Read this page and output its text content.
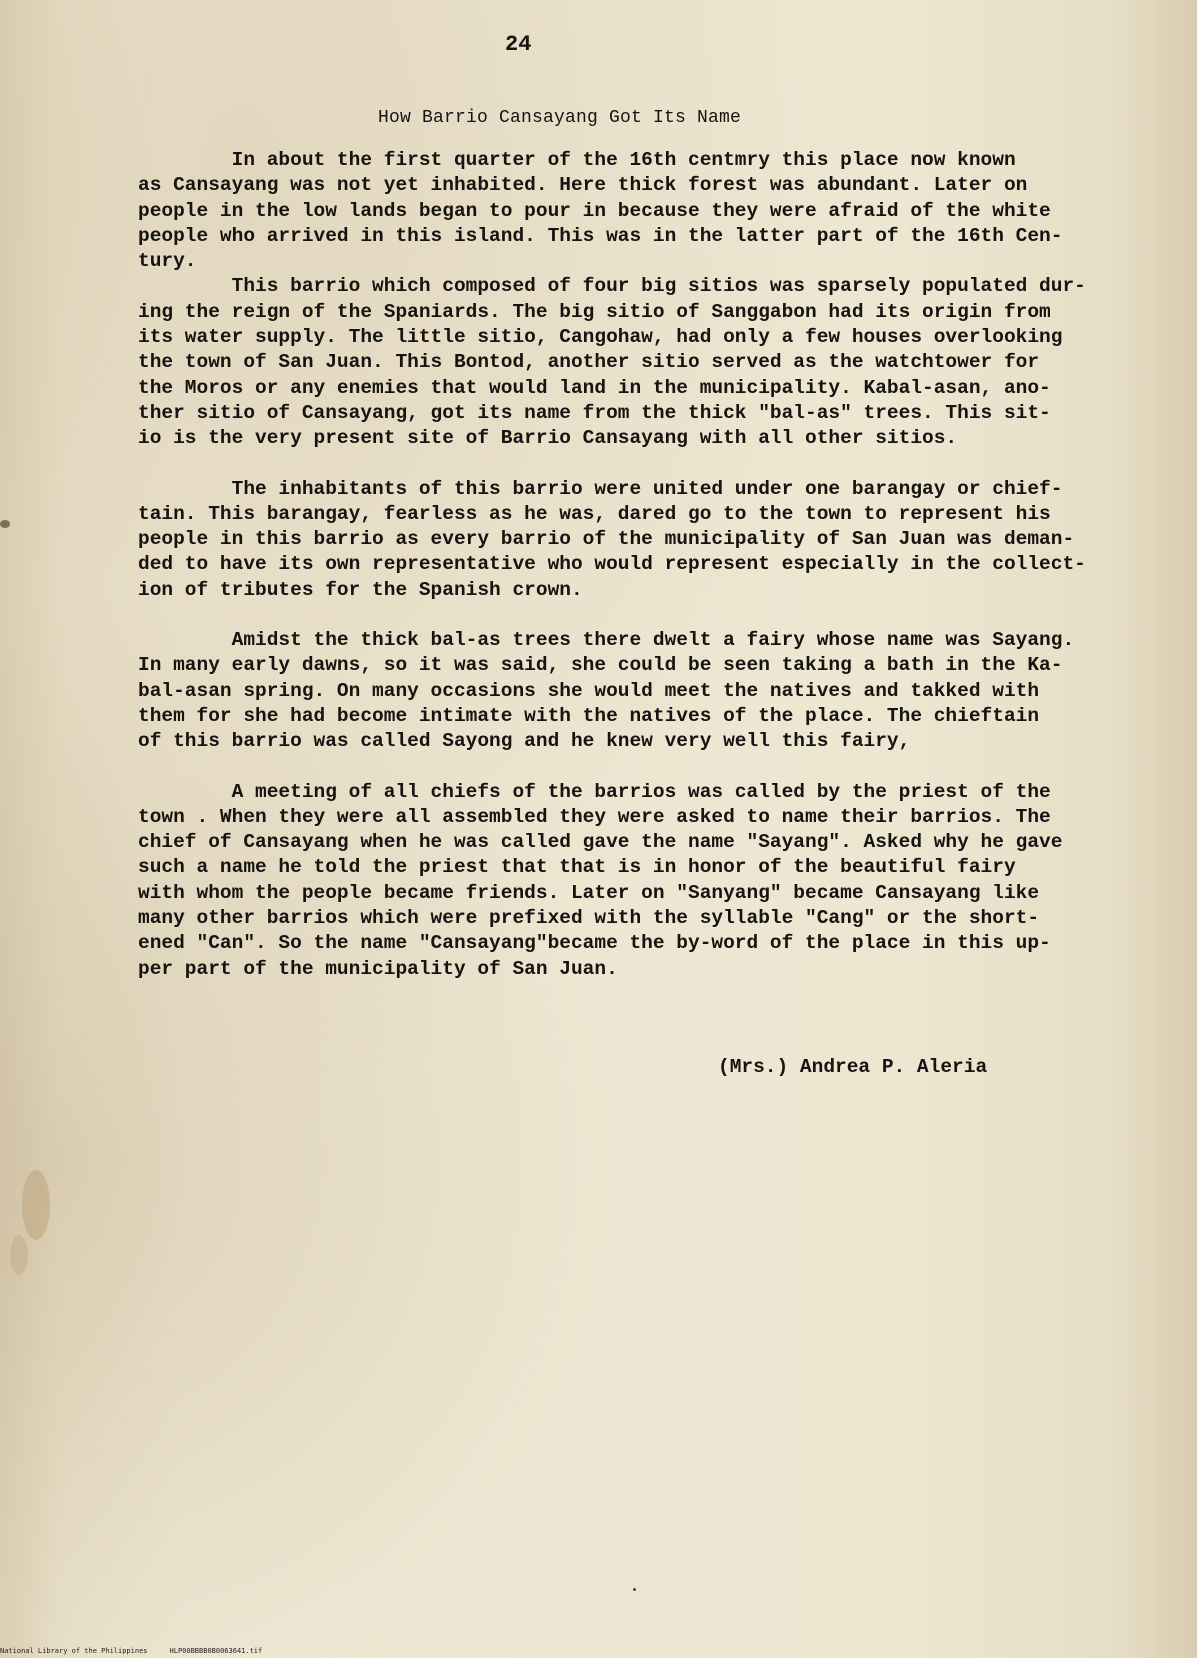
24
How Barrio Cansayang Got Its Name
In about the first quarter of the 16th centmry this place now known
as Cansayang was not yet inhabited. Here thick forest was abundant. Later on
people in the low lands began to pour in because they were afraid of the white
people who arrived in this island. This was in the latter part of the 16th Cen-
tury.
This barrio which composed of four big sitios was sparsely populated dur-
ing the reign of the Spaniards. The big sitio of Sanggabon had its origin from
its water supply. The little sitio, Cangohaw, had only a few houses overlooking
the town of San Juan. This Bontod, another sitio served as the watchtower for
the Moros or any enemies that would land in the municipality. Kabal-asan, ano-
ther sitio of Cansayang, got its name from the thick "bal-as" trees. This sit-
io is the very present site of Barrio Cansayang with all other sitios.
The inhabitants of this barrio were united under one barangay or chief-
tain. This barangay, fearless as he was, dared go to the town to represent his
people in this barrio as every barrio of the municipality of San Juan was deman-
ded to have its own representative who would represent especially in the collect-
ion of tributes for the Spanish crown.
Amidst the thick bal-as trees there dwelt a fairy whose name was Sayang.
In many early dawns, so it was said, she could be seen taking a bath in the Ka-
bal-asan spring. On many occasions she would meet the natives and takked with
them for she had become intimate with the natives of the place. The chieftain
of this barrio was called Sayong and he knew very well this fairy,
A meeting of all chiefs of the barrios was called by the priest of the
town . When they were all assembled they were asked to name their barrios. The
chief of Cansayang when he was called gave the name "Sayang". Asked why he gave
such a name he told the priest that that is in honor of the beautiful fairy
with whom the people became friends. Later on "Sanyang" became Cansayang like
many other barrios which were prefixed with the syllable "Cang" or the short-
ened "Can". So the name "Cansayang"became the by-word of the place in this up-
per part of the municipality of San Juan.
(Mrs.) Andrea P. Aleria
National Library of the Philippines	HLP00BBBB0B0063641.tif
